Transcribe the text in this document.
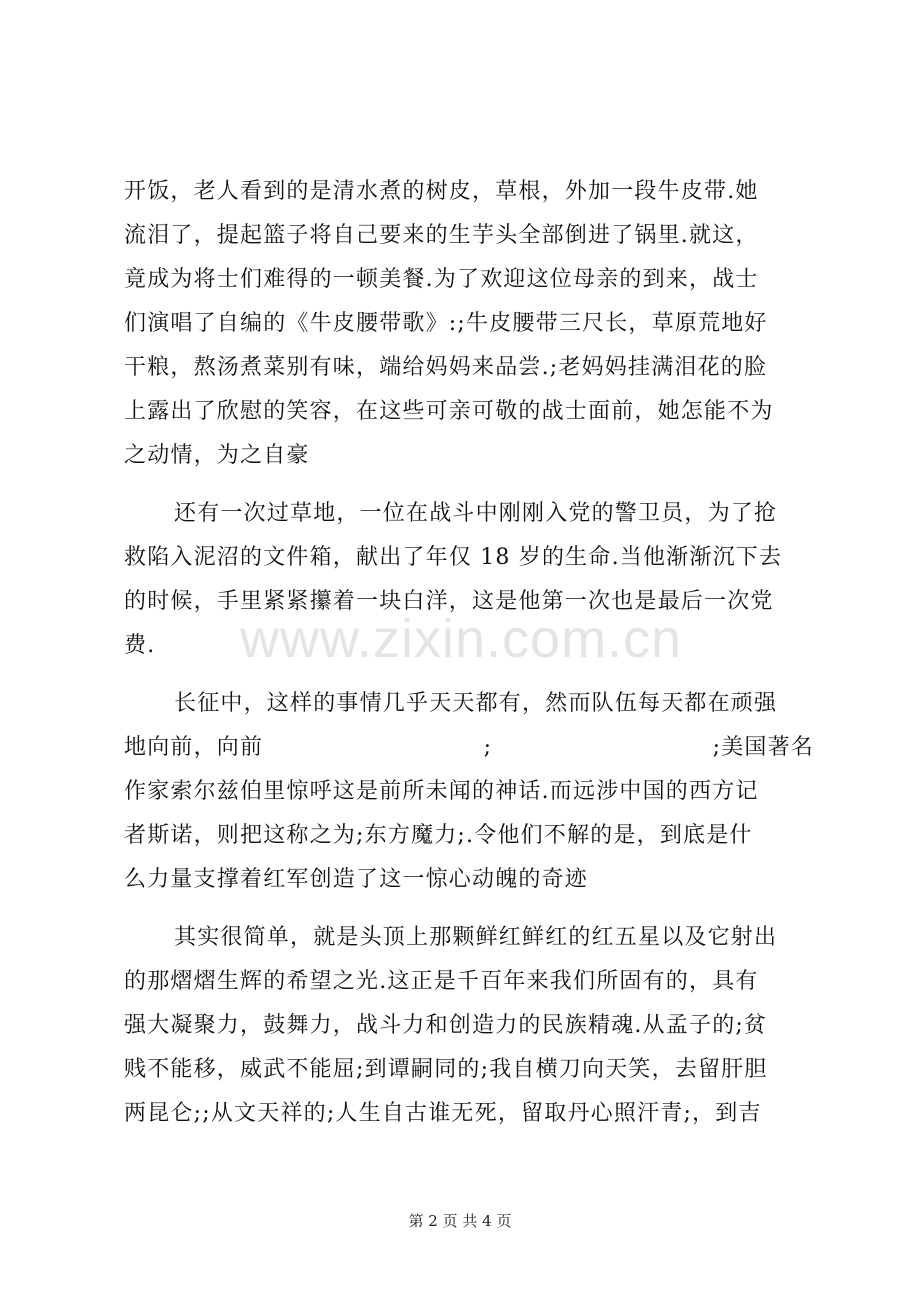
开饭，老人看到的是清水煮的树皮，草根，外加一段牛皮带.她
流泪了，提起篮子将自己要来的生芋头全部倒进了锅里.就这，
竟成为将士们难得的一顿美餐.为了欢迎这位母亲的到来，战士
们演唱了自编的《牛皮腰带歌》:;牛皮腰带三尺长，草原荒地好
干粮，熬汤煮菜别有味，端给妈妈来品尝.;老妈妈挂满泪花的脸
上露出了欣慰的笑容，在这些可亲可敬的战士面前，她怎能不为
之动情，为之自豪
还有一次过草地，一位在战斗中刚刚入党的警卫员，为了抢
救陷入泥沼的文件箱，献出了年仅 18 岁的生命.当他渐渐沉下去
的时候，手里紧紧攥着一块白洋，这是他第一次也是最后一次党
费.
长征中，这样的事情几乎天天都有，然而队伍每天都在顽强
地向前，向前	;	;美国著名
作家索尔兹伯里惊呼这是前所未闻的神话.而远涉中国的西方记
者斯诺，则把这称之为;东方魔力;.令他们不解的是，到底是什
么力量支撑着红军创造了这一惊心动魄的奇迹
其实很简单，就是头顶上那颗鲜红鲜红的红五星以及它射出
的那熠熠生辉的希望之光.这正是千百年来我们所固有的，具有
强大凝聚力，鼓舞力，战斗力和创造力的民族精魂.从孟子的;贫
贱不能移，威武不能屈;到谭嗣同的;我自横刀向天笑，去留肝胆
两昆仑;;从文天祥的;人生自古谁无死，留取丹心照汗青;，到吉
www.zixin.com.cn
第 2 页 共 4 页
